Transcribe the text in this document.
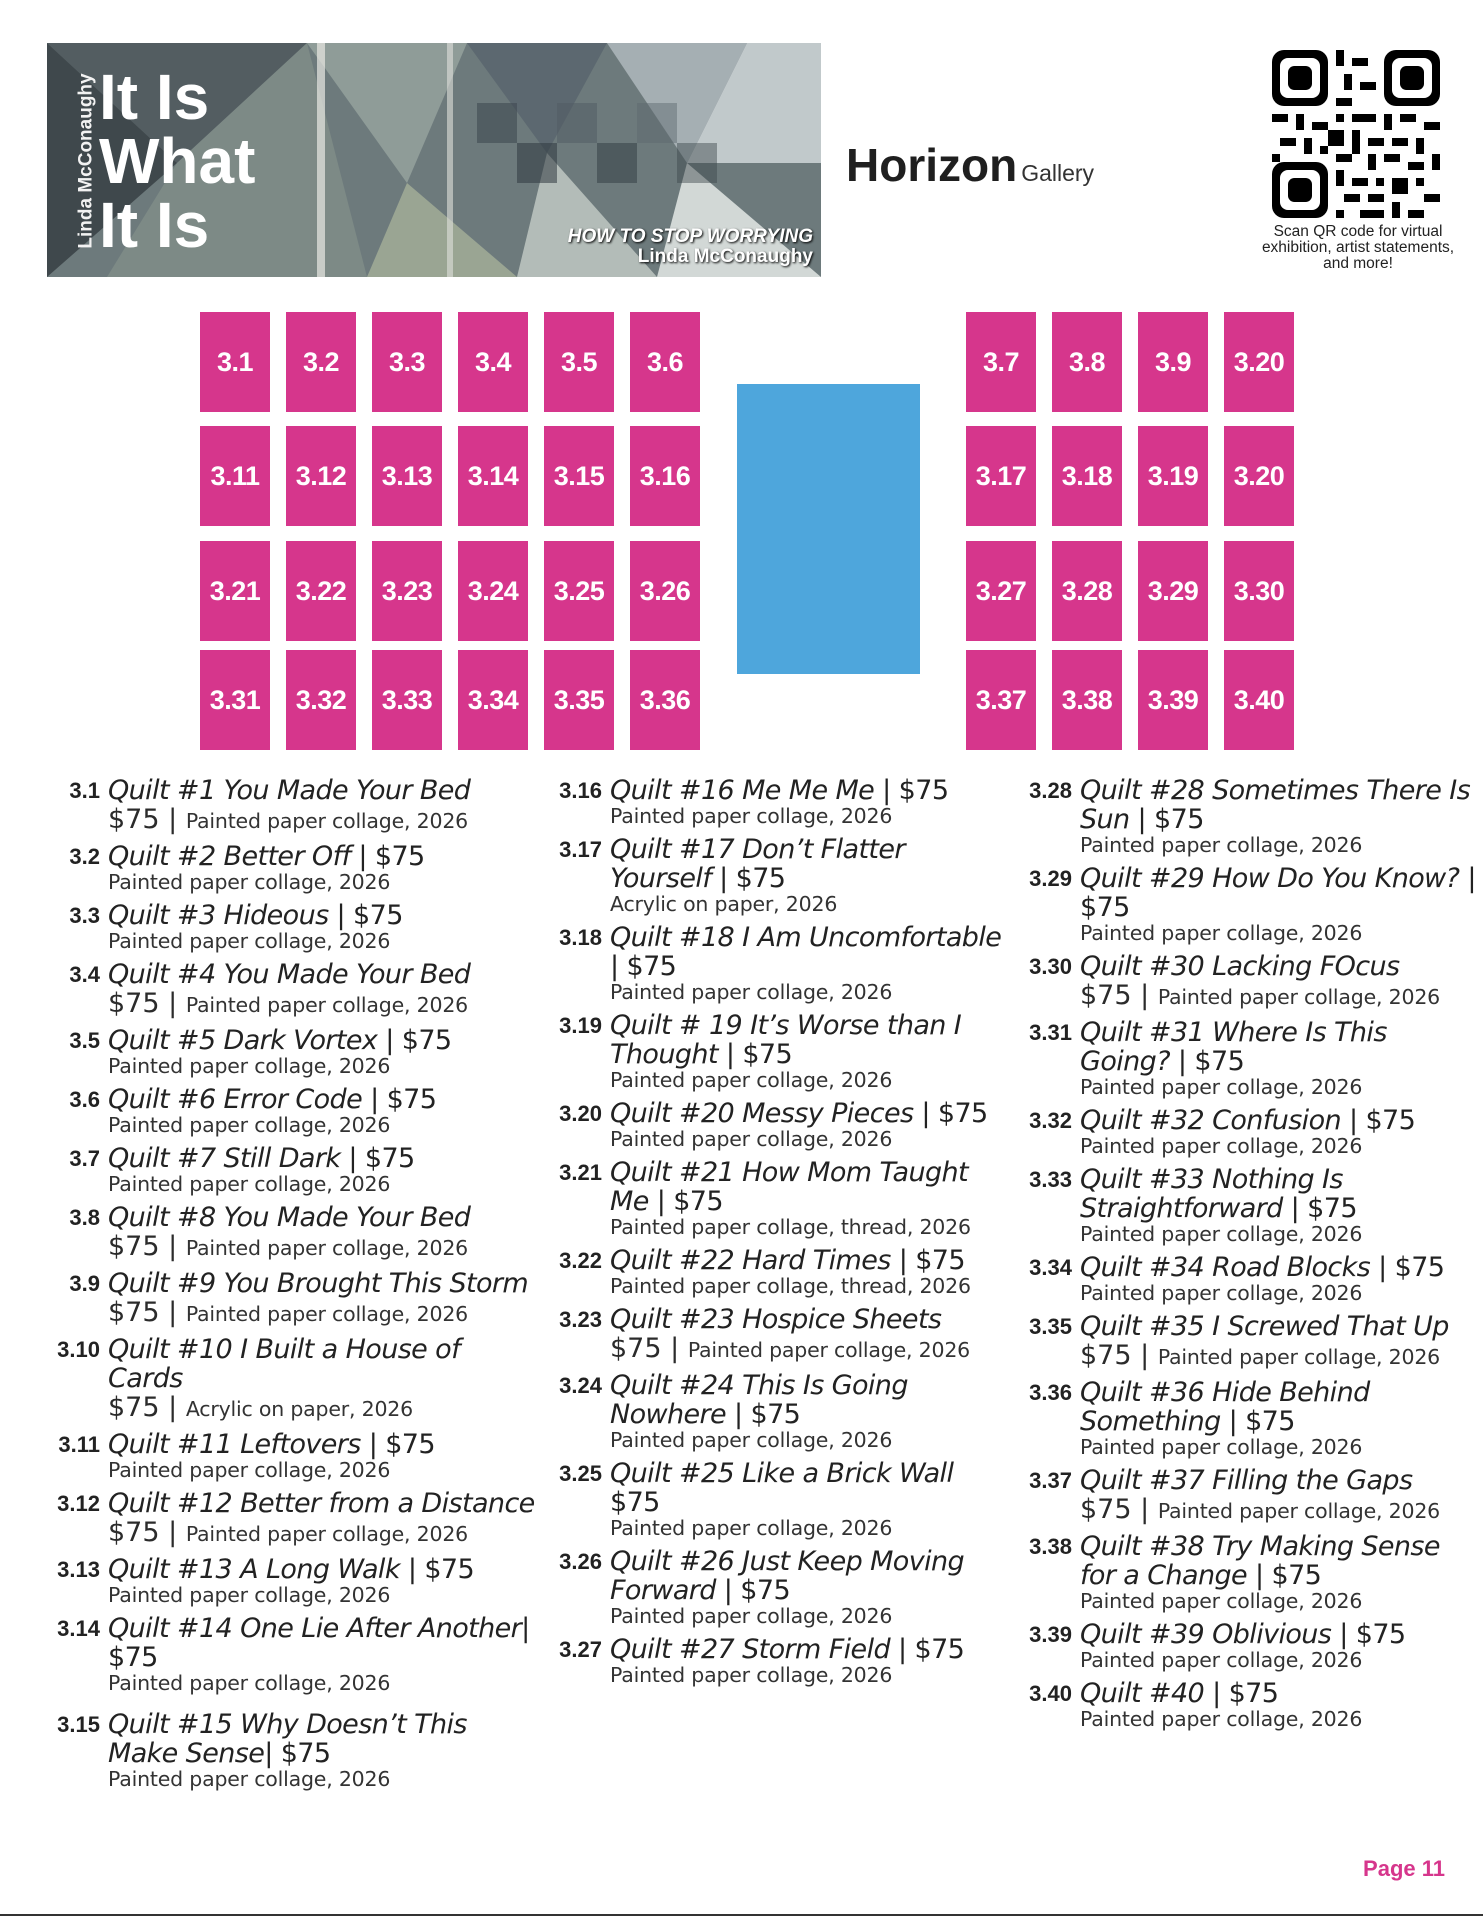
Linda McConaughy It Is
What
It Is	HOW TO STOP WORRYING
Linda McConaughy
Horizon Gallery
Scan QR code for virtual exhibition, artist statements, and more!
3.1	3.2	3.3	3.4	3.5	3.6
3.11	3.12	3.13	3.14	3.15	3.16
3.21	3.22	3.23	3.24	3.25	3.26
3.31	3.32	3.33	3.34	3.35	3.36
3.7	3.8	3.9	3.20
3.17	3.18	3.19	3.20
3.27	3.28	3.29	3.30
3.37	3.38	3.39	3.40
3.1 Quilt #1 You Made Your Bed
$75 | Painted paper collage, 2026
3.2 Quilt #2 Better Off | $75
Painted paper collage, 2026
3.3 Quilt #3 Hideous | $75
Painted paper collage, 2026
3.4 Quilt #4 You Made Your Bed
$75 | Painted paper collage, 2026
3.5 Quilt #5 Dark Vortex | $75
Painted paper collage, 2026
3.6 Quilt #6 Error Code | $75
Painted paper collage, 2026
3.7 Quilt #7 Still Dark | $75
Painted paper collage, 2026
3.8 Quilt #8 You Made Your Bed
$75 | Painted paper collage, 2026
3.9 Quilt #9 You Brought This Storm
$75 | Painted paper collage, 2026
3.10 Quilt #10 I Built a House of Cards
$75 | Acrylic on paper, 2026
3.11 Quilt #11 Leftovers | $75
Painted paper collage, 2026
3.12 Quilt #12 Better from a Distance
$75 | Painted paper collage, 2026
3.13 Quilt #13 A Long Walk | $75
Painted paper collage, 2026
3.14 Quilt #14 One Lie After Another| $75
Painted paper collage, 2026
3.15 Quilt #15 Why Doesn’t This Make Sense| $75
Painted paper collage, 2026
3.16 Quilt #16 Me Me Me | $75
Painted paper collage, 2026
3.17 Quilt #17 Don’t Flatter Yourself | $75
Acrylic on paper, 2026
3.18 Quilt #18 I Am Uncomfortable | $75
Painted paper collage, 2026
3.19 Quilt # 19 It’s Worse than I Thought | $75
Painted paper collage, 2026
3.20 Quilt #20 Messy Pieces | $75
Painted paper collage, 2026
3.21 Quilt #21 How Mom Taught Me | $75
Painted paper collage, thread, 2026
3.22 Quilt #22 Hard Times | $75
Painted paper collage, thread, 2026
3.23 Quilt #23 Hospice Sheets
$75 | Painted paper collage, 2026
3.24 Quilt #24 This Is Going Nowhere | $75
Painted paper collage, 2026
3.25 Quilt #25 Like a Brick Wall $75
Painted paper collage, 2026
3.26 Quilt #26 Just Keep Moving Forward | $75
Painted paper collage, 2026
3.27 Quilt #27 Storm Field | $75
Painted paper collage, 2026
3.28 Quilt #28 Sometimes There Is Sun | $75
Painted paper collage, 2026
3.29 Quilt #29 How Do You Know? | $75
Painted paper collage, 2026
3.30 Quilt #30 Lacking FOcus
$75 | Painted paper collage, 2026
3.31 Quilt #31 Where Is This Going? | $75
Painted paper collage, 2026
3.32 Quilt #32 Confusion | $75
Painted paper collage, 2026
3.33 Quilt #33 Nothing Is Straightforward | $75
Painted paper collage, 2026
3.34 Quilt #34 Road Blocks | $75
Painted paper collage, 2026
3.35 Quilt #35 I Screwed That Up
$75 | Painted paper collage, 2026
3.36 Quilt #36 Hide Behind Something | $75
Painted paper collage, 2026
3.37 Quilt #37 Filling the Gaps
$75 | Painted paper collage, 2026
3.38 Quilt #38 Try Making Sense for a Change | $75
Painted paper collage, 2026
3.39 Quilt #39 Oblivious | $75
Painted paper collage, 2026
3.40 Quilt #40 | $75
Painted paper collage, 2026
Page 11
